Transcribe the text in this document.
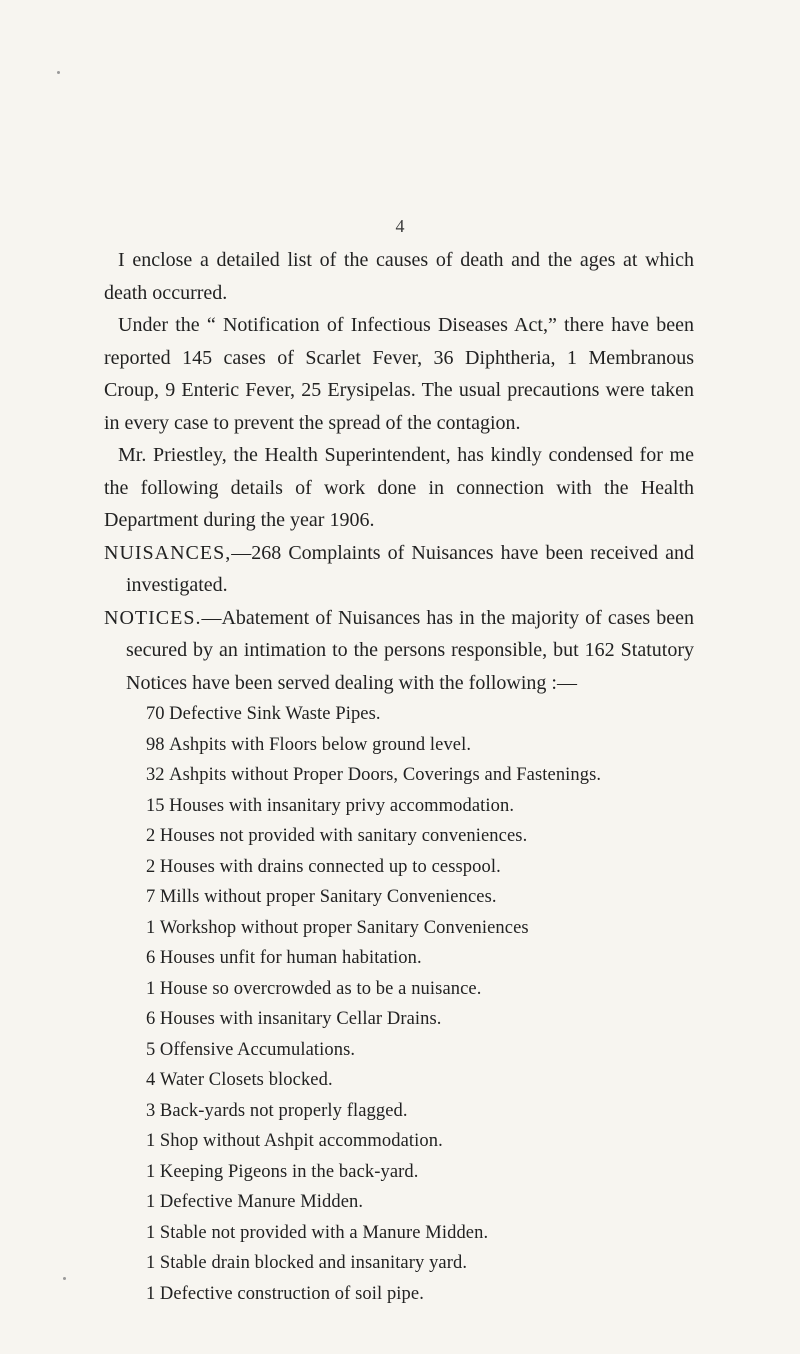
4

I enclose a detailed list of the causes of death and the ages at which death occurred.

Under the “ Notification of Infectious Diseases Act,” there have been reported 145 cases of Scarlet Fever, 36 Diphtheria, 1 Membranous Croup, 9 Enteric Fever, 25 Erysipelas. The usual precautions were taken in every case to prevent the spread of the contagion.

Mr. Priestley, the Health Superintendent, has kindly condensed for me the following details of work done in connection with the Health Department during the year 1906.

NUISANCES,—268 Complaints of Nuisances have been received and investigated.

NOTICES.—Abatement of Nuisances has in the majority of cases been secured by an intimation to the persons responsible, but 162 Statutory Notices have been served dealing with the following :—

70 Defective Sink Waste Pipes.
98 Ashpits with Floors below ground level.
32 Ashpits without Proper Doors, Coverings and Fastenings.
15 Houses with insanitary privy accommodation.
2 Houses not provided with sanitary conveniences.
2 Houses with drains connected up to cesspool.
7 Mills without proper Sanitary Conveniences.
1 Workshop without proper Sanitary Conveniences
6 Houses unfit for human habitation.
1 House so overcrowded as to be a nuisance.
6 Houses with insanitary Cellar Drains.
5 Offensive Accumulations.
4 Water Closets blocked.
3 Back-yards not properly flagged.
1 Shop without Ashpit accommodation.
1 Keeping Pigeons in the back-yard.
1 Defective Manure Midden.
1 Stable not provided with a Manure Midden.
1 Stable drain blocked and insanitary yard.
1 Defective construction of soil pipe.
